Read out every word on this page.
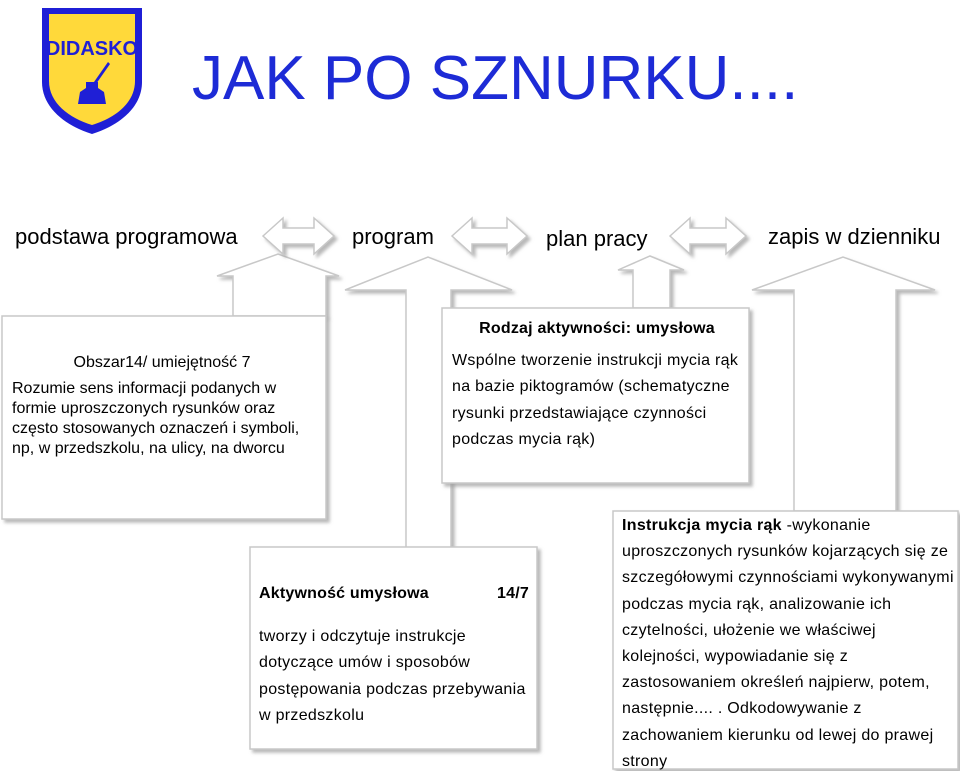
DIDASKO JAK PO SZNURKU....
podstawa programowa	program	plan pracy	zapis w dzienniku
Obszar14/ umiejętność 7
Rozumie sens informacji podanych w formie uproszczonych rysunków oraz często stosowanych oznaczeń i symboli, np, w przedszkolu, na ulicy, na dworcu
Rodzaj aktywności: umysłowa
Wspólne tworzenie instrukcji mycia rąk na bazie piktogramów (schematyczne rysunki przedstawiające czynności podczas mycia rąk)
Aktywność umysłowa	14/7
tworzy i odczytuje instrukcje dotyczące umów i sposobów postępowania podczas przebywania w przedszkolu
Instrukcja mycia rąk -wykonanie uproszczonych rysunków kojarzących się ze szczegółowymi czynnościami wykonywanymi podczas mycia rąk, analizowanie ich czytelności, ułożenie we właściwej kolejności, wypowiadanie się z zastosowaniem określeń najpierw, potem, następnie.... . Odkodowywanie z zachowaniem kierunku od lewej do prawej strony
